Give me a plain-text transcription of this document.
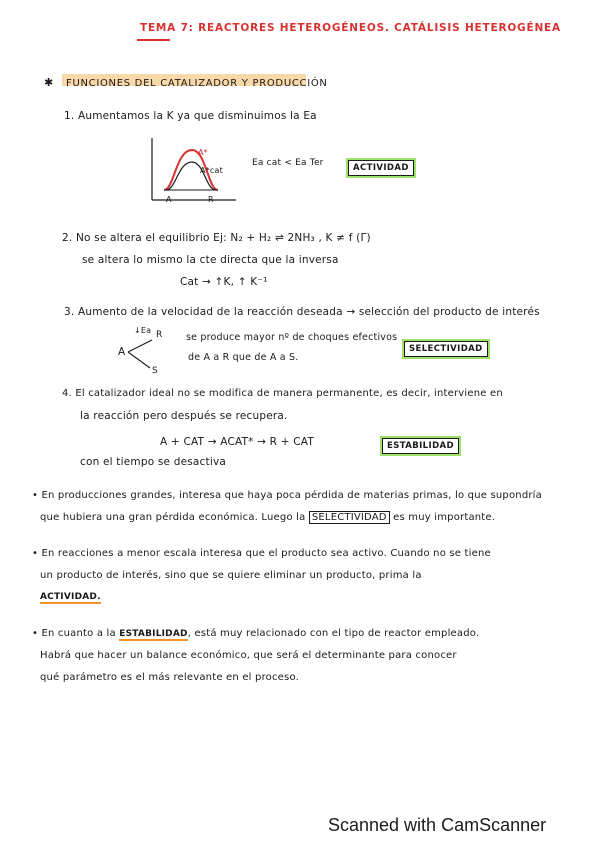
TEMA 7: REACTORES HETEROGÉNEOS. CATÁLISIS HETEROGÉNEA
✱ FUNCIONES DEL CATALIZADOR Y PRODUCCIÓN
1. Aumentamos la K ya que disminuimos la Ea
A*
A*cat
A	R
Ea cat < Ea Ter	ACTIVIDAD
2. No se altera el equilibrio Ej: N₂ + H₂ ⇌ 2NH₃ , K ≠ f (Γ)
se altera lo mismo la cte directa que la inversa
Cat → ↑K, ↑ K⁻¹
3. Aumento de la velocidad de la reacción deseada → selección del producto de interés
A
↓Ea R
S
se produce mayor nº de choques efectivos
de A a R que de A a S.
SELECTIVIDAD
4. El catalizador ideal no se modifica de manera permanente, es decir, interviene en
la reacción pero después se recupera.
A + CAT → ACAT* → R + CAT
con el tiempo se desactiva
ESTABILIDAD
• En producciones grandes, interesa que haya poca pérdida de materias primas, lo que supondría
que hubiera una gran pérdida económica. Luego la SELECTIVIDAD es muy importante.
• En reacciones a menor escala interesa que el producto sea activo. Cuando no se tiene
un producto de interés, sino que se quiere eliminar un producto, prima la
ACTIVIDAD.
• En cuanto a la ESTABILIDAD, está muy relacionado con el tipo de reactor empleado.
Habrá que hacer un balance económico, que será el determinante para conocer
qué parámetro es el más relevante en el proceso.
Scanned with CamScanner
